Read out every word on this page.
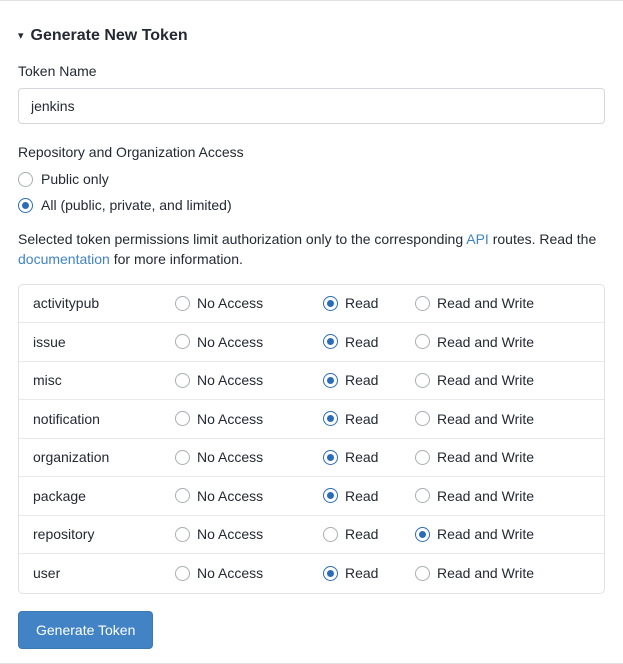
▾ Generate New Token
Token Name
jenkins
Repository and Organization Access
Public only
All (public, private, and limited)
Selected token permissions limit authorization only to the corresponding API routes. Read the documentation for more information.
activitypub	No Access	Read	Read and Write
issue	No Access	Read	Read and Write
misc	No Access	Read	Read and Write
notification	No Access	Read	Read and Write
organization	No Access	Read	Read and Write
package	No Access	Read	Read and Write
repository	No Access	Read	Read and Write
user	No Access	Read	Read and Write
Generate Token
